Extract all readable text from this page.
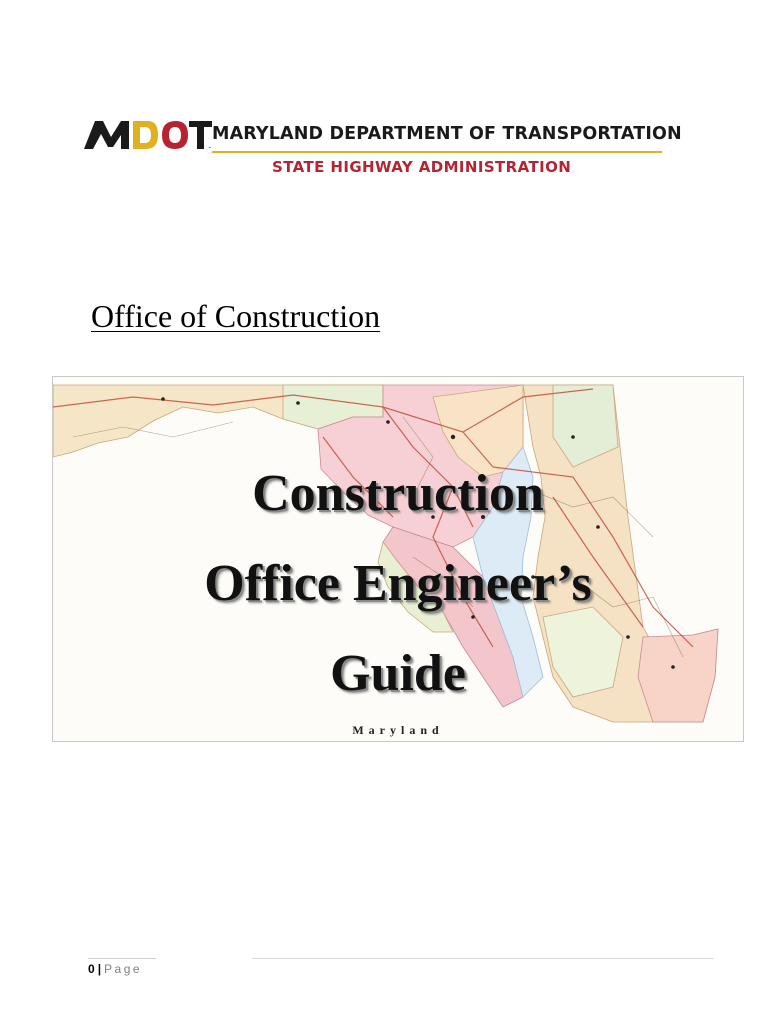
™
MARYLAND DEPARTMENT OF TRANSPORTATION
STATE HIGHWAY ADMINISTRATION
Office of Construction
Construction
Office Engineer’s
Guide
Maryland
0 | Page
